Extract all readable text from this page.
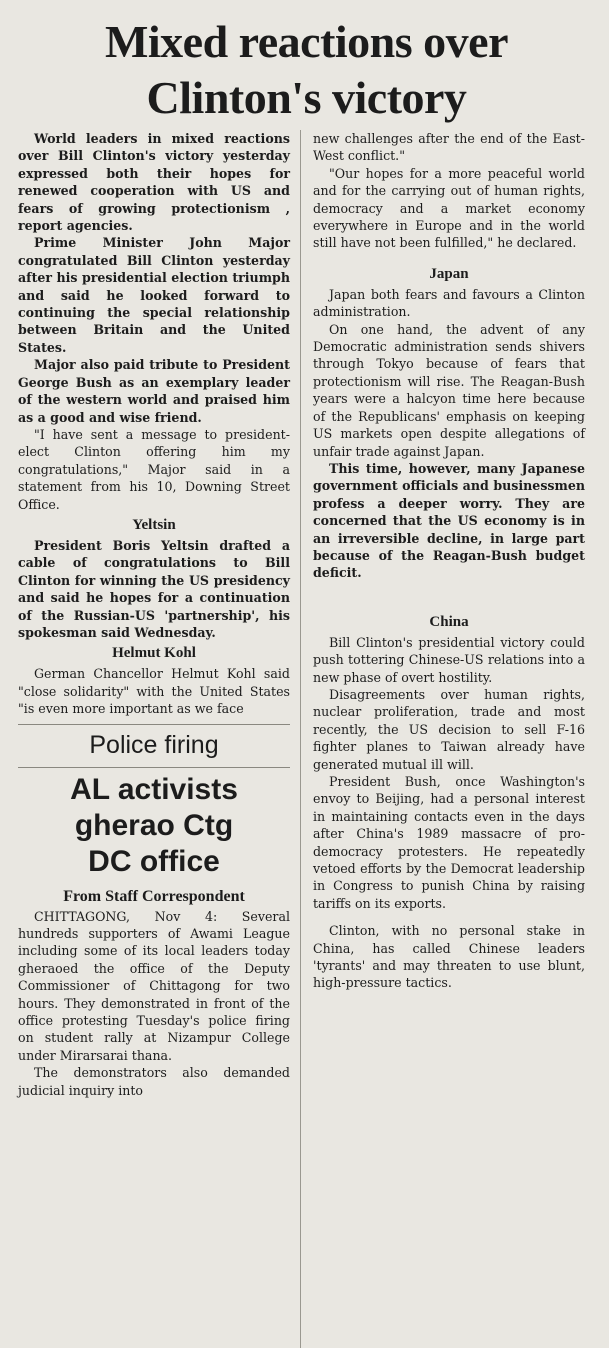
Mixed reactions over
Clinton's victory

World leaders in mixed reactions over Bill Clinton's victory yesterday expressed both their hopes for renewed cooperation with US and fears of growing protectionism , report agencies.

Prime Minister John Major congratulated Bill Clinton yesterday after his presidential election triumph and said he looked forward to continuing the special relationship between Britain and the United States.

Major also paid tribute to President George Bush as an exemplary leader of the western world and praised him as a good and wise friend.

"I have sent a message to president-elect Clinton offering him my congratulations," Major said in a statement from his 10, Downing Street Office.

Yeltsin

President Boris Yeltsin drafted a cable of congratulations to Bill Clinton for winning the US presidency and said he hopes for a continuation of the Russian-US 'partnership', his spokesman said Wednesday.

Helmut Kohl

German Chancellor Helmut Kohl said "close solidarity" with the United States "is even more important as we face

Police firing
AL activists
gherao Ctg
DC office
From Staff Correspondent

CHITTAGONG, Nov 4: Several hundreds supporters of Awami League including some of its local leaders today gheraoed the office of the Deputy Commissioner of Chittagong for two hours. They demonstrated in front of the office protesting Tuesday's police firing on student rally at Nizampur College under Mirarsarai thana.

The demonstrators also demanded judicial inquiry into

new challenges after the end of the East-West conflict."

"Our hopes for a more peaceful world and for the carrying out of human rights, democracy and a market economy everywhere in Europe and in the world still have not been fulfilled," he declared.

Japan

Japan both fears and favours a Clinton administration.

On one hand, the advent of any Democratic administration sends shivers through Tokyo because of fears that protectionism will rise. The Reagan-Bush years were a halcyon time here because of the Republicans' emphasis on keeping US markets open despite allegations of unfair trade against Japan.

This time, however, many Japanese government officials and businessmen profess a deeper worry. They are concerned that the US economy is in an irreversible decline, in large part because of the Reagan-Bush budget deficit.

China

Bill Clinton's presidential victory could push tottering Chinese-US relations into a new phase of overt hostility.

Disagreements over human rights, nuclear proliferation, trade and most recently, the US decision to sell F-16 fighter planes to Taiwan already have generated mutual ill will.

President Bush, once Washington's envoy to Beijing, had a personal interest in maintaining contacts even in the days after China's 1989 massacre of pro-democracy protesters. He repeatedly vetoed efforts by the Democrat leadership in Congress to punish China by raising tariffs on its exports.

Clinton, with no personal stake in China, has called Chinese leaders 'tyrants' and may threaten to use blunt, high-pressure tactics.
